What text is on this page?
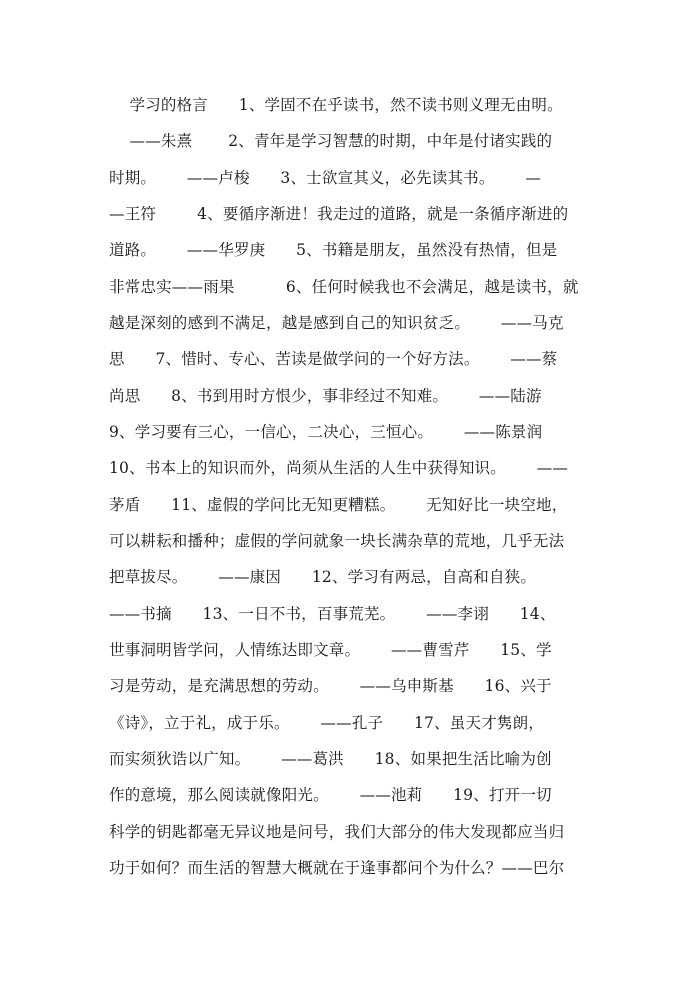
学习的格言      1、学固不在乎读书，然不读书则义理无由明。
——朱熹       2、青年是学习智慧的时期，中年是付诸实践的
时期。      ——卢梭      3、士欲宣其义，必先读其书。      —
—王符        4、要循序渐进！我走过的道路，就是一条循序渐进的
道路。      ——华罗庚      5、书籍是朋友，虽然没有热情，但是
非常忠实——雨果          6、任何时候我也不会满足，越是读书，就
越是深刻的感到不满足，越是感到自己的知识贫乏。      ——马克
思      7、惜时、专心、苦读是做学问的一个好方法。      ——蔡
尚思      8、书到用时方恨少，事非经过不知难。      ——陆游
9、学习要有三心，一信心，二决心，三恒心。      ——陈景润
10、书本上的知识而外，尚须从生活的人生中获得知识。      ——
茅盾      11、虚假的学问比无知更糟糕。      无知好比一块空地，
可以耕耘和播种；虚假的学问就象一块长满杂草的荒地，几乎无法
把草拔尽。      ——康因      12、学习有两忌，自高和自狭。
——书摘      13、一日不书，百事荒芜。      ——李诩      14、
世事洞明皆学问，人情练达即文章。      ——曹雪芹      15、学
习是劳动，是充满思想的劳动。      ——乌申斯基      16、兴于
《诗》，立于礼，成于乐。      ——孔子      17、虽天才隽朗，
而实须狄诰以广知。      ——葛洪      18、如果把生活比喻为创
作的意境，那么阅读就像阳光。      ——池莉      19、打开一切
科学的钥匙都毫无异议地是问号，我们大部分的伟大发现都应当归
功于如何？而生活的智慧大概就在于逢事都问个为什么？——巴尔
